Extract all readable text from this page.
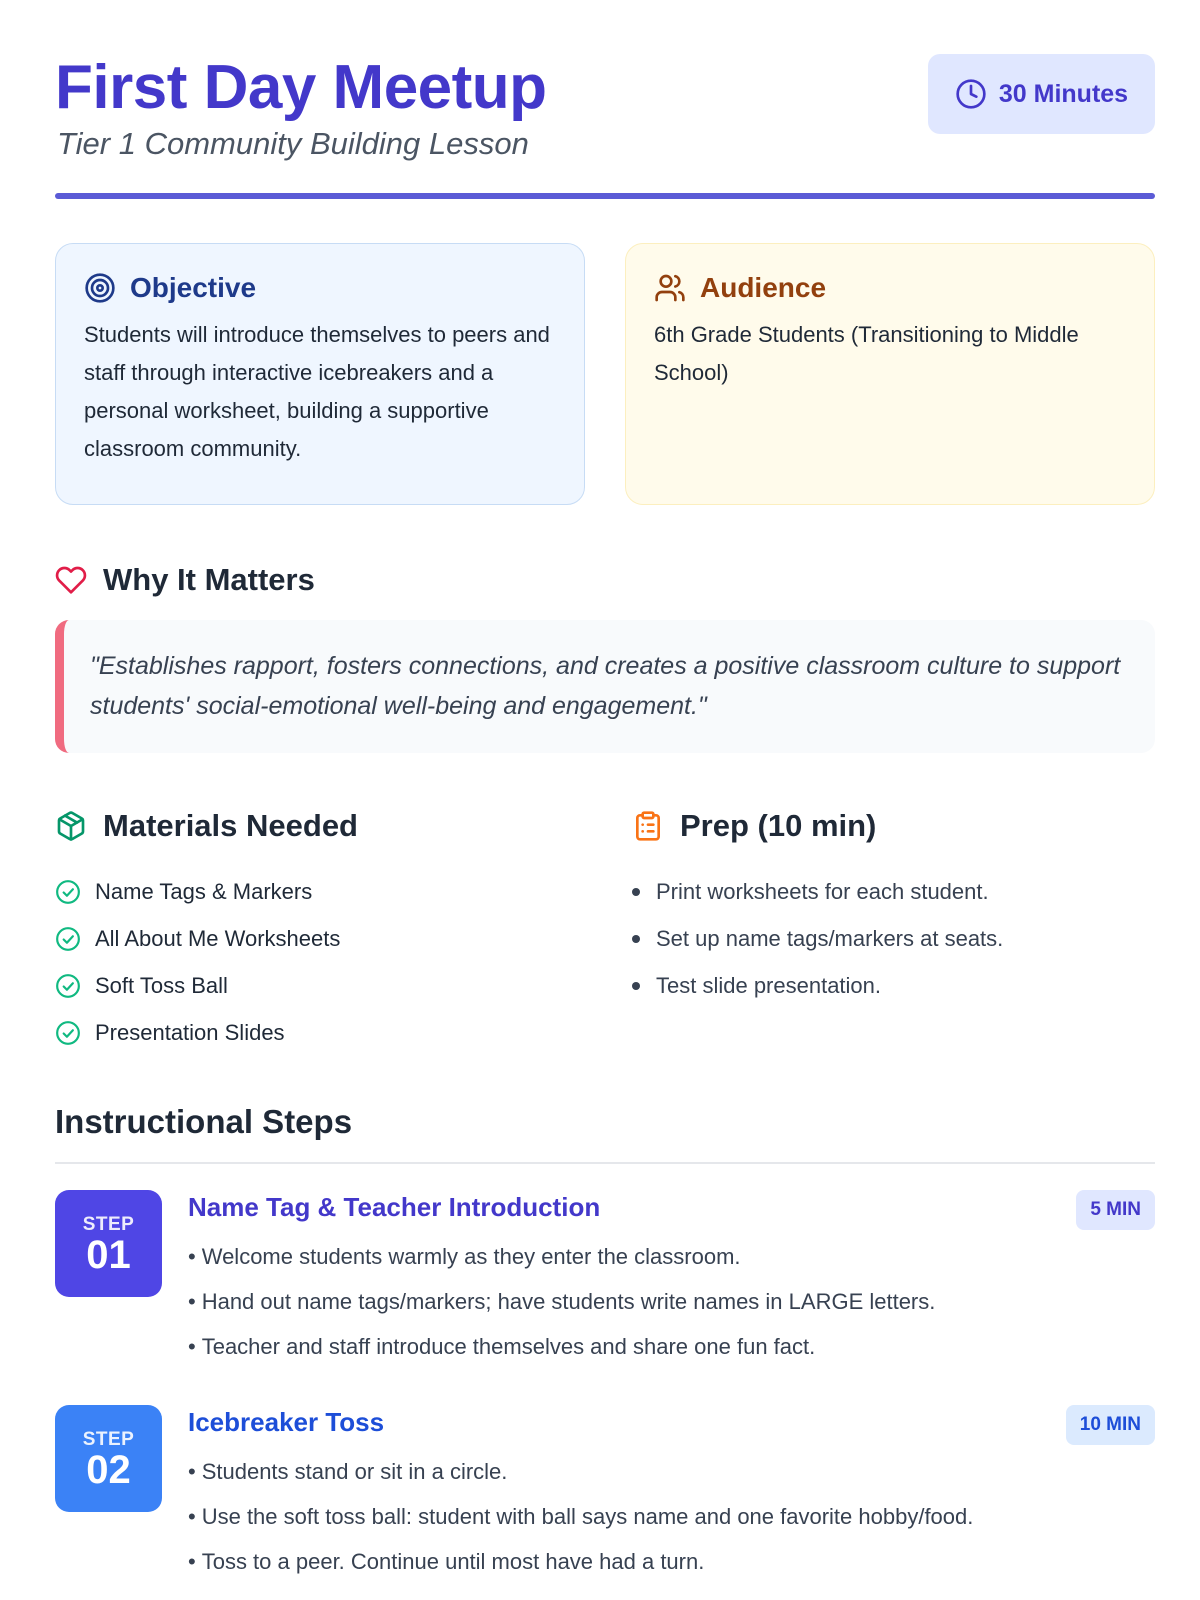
First Day Meetup
Tier 1 Community Building Lesson
30 Minutes
Objective

Students will introduce themselves to peers and staff through interactive icebreakers and a personal worksheet, building a supportive classroom community.

Audience

6th Grade Students (Transitioning to Middle School)

Why It Matters

"Establishes rapport, fosters connections, and creates a positive classroom culture to support students' social-emotional well-being and engagement."

Materials Needed
Name Tags & Markers
All About Me Worksheets
Soft Toss Ball
Presentation Slides
Prep (10 min)
Print worksheets for each student.
Set up name tags/markers at seats.
Test slide presentation.
Instructional Steps
STEP
01
Name Tag & Teacher Introduction	5 MIN
• Welcome students warmly as they enter the classroom.
• Hand out name tags/markers; have students write names in LARGE letters.
• Teacher and staff introduce themselves and share one fun fact.
STEP
02
Icebreaker Toss	10 MIN
• Students stand or sit in a circle.
• Use the soft toss ball: student with ball says name and one favorite hobby/food.
• Toss to a peer. Continue until most have had a turn.
